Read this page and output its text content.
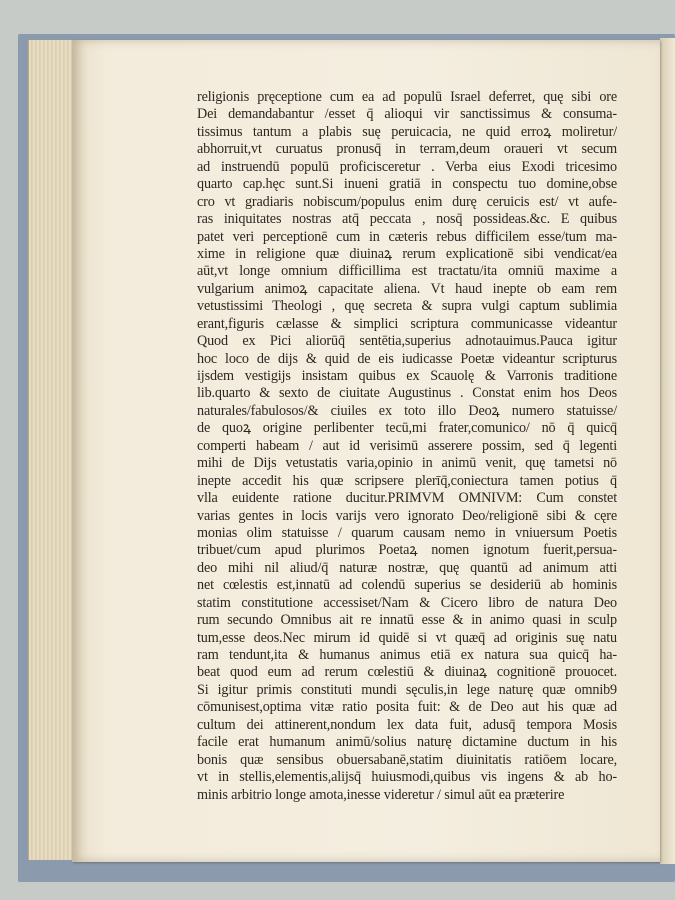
religionis pręceptione cum ea ad populū Israel deferret, quę sibi ore
Dei demandabantur /esset q̄ alioqui vir sanctissimus & consuma-
tissimus tantum a plabis suę peruicacia, ne quid erroꝝ moliretur/
abhorruit,vt curuatus pronusq̄ in terram,deum oraueri vt secum
ad instruendū populū proficisceretur . Verba eius Exodi tricesimo
quarto cap.hęc sunt.Si inueni gratiā in conspectu tuo domine,obse
cro vt gradiaris nobiscum/populus enim durę ceruicis est/ vt aufe-
ras iniquitates nostras atq̄ peccata , nosq̄ possideas.&c. E quibus
patet veri perceptionē cum in cæteris rebus difficilem esse/tum ma-
xime in religione quæ diuinaꝝ rerum explicationē sibi vendicat/ea
aūt,vt longe omnium difficillima est tractatu/ita omniū maxime a
vulgarium animoꝝ capacitate aliena. Vt haud inepte ob eam rem
vetustissimi Theologi , quę secreta & supra vulgi captum sublimia
erant,figuris cælasse & simplici scriptura communicasse videantur
Quod ex Pici aliorūq̄ sentētia,superius adnotauimus.Pauca igitur
hoc loco de dijs & quid de eis iudicasse Poetæ videantur scripturus
ijsdem vestigijs insistam quibus ex Scauolę & Varronis traditione
lib.quarto & sexto de ciuitate Augustinus . Constat enim hos Deos
naturales/fabulosos/& ciuiles ex toto illo Deoꝝ numero statuisse/
de quoꝝ origine perlibenter tecū,mi frater,comunico/ nō q̄ quicq̄
comperti habeam / aut id verisimū asserere possim, sed q̄ legenti
mihi de Dijs vetustatis varia,opinio in animū venit, quę tametsi nō
inepte accedit his quæ scripsere plerīq̄,coniectura tamen potius q̄
vlla euidente ratione ducitur.PRIMVM OMNIVM: Cum constet
varias gentes in locis varijs vero ignorato Deo/religionē sibi & cęre
monias olim statuisse / quarum causam nemo in vniuersum Poetis
tribuet/cum apud plurimos Poetaꝝ nomen ignotum fuerit,persua-
deo mihi nil aliud/q̄ naturæ nostræ, quę quantū ad animum atti
net cœlestis est,innatū ad colendū superius se desideriū ab hominis
statim constitutione accessiset/Nam & Cicero libro de natura Deo
rum secundo Omnibus ait re innatū esse & in animo quasi in sculp
tum,esse deos.Nec mirum id quidē si vt quæq̄ ad originis suę natu
ram tendunt,ita & humanus animus etiā ex natura sua quicq̄ ha-
beat quod eum ad rerum cœlestiū & diuinaꝝ cognitionē prouocet.
Si igitur primis constituti mundi sęculis,in lege naturę quæ omnib9
cōmunisest,optima vitæ ratio posita fuit: & de Deo aut his quæ ad
cultum dei attinerent,nondum lex data fuit, adusq̄ tempora Mosis
facile erat humanum animū/solius naturę dictamine ductum in his
bonis quæ sensibus obuersabanē,statim diuinitatis ratiōem locare,
vt in stellis,elementis,alijsq̄ huiusmodi,quibus vis ingens & ab ho-
minis arbitrio longe amota,inesse videretur / simul aūt ea præterire
